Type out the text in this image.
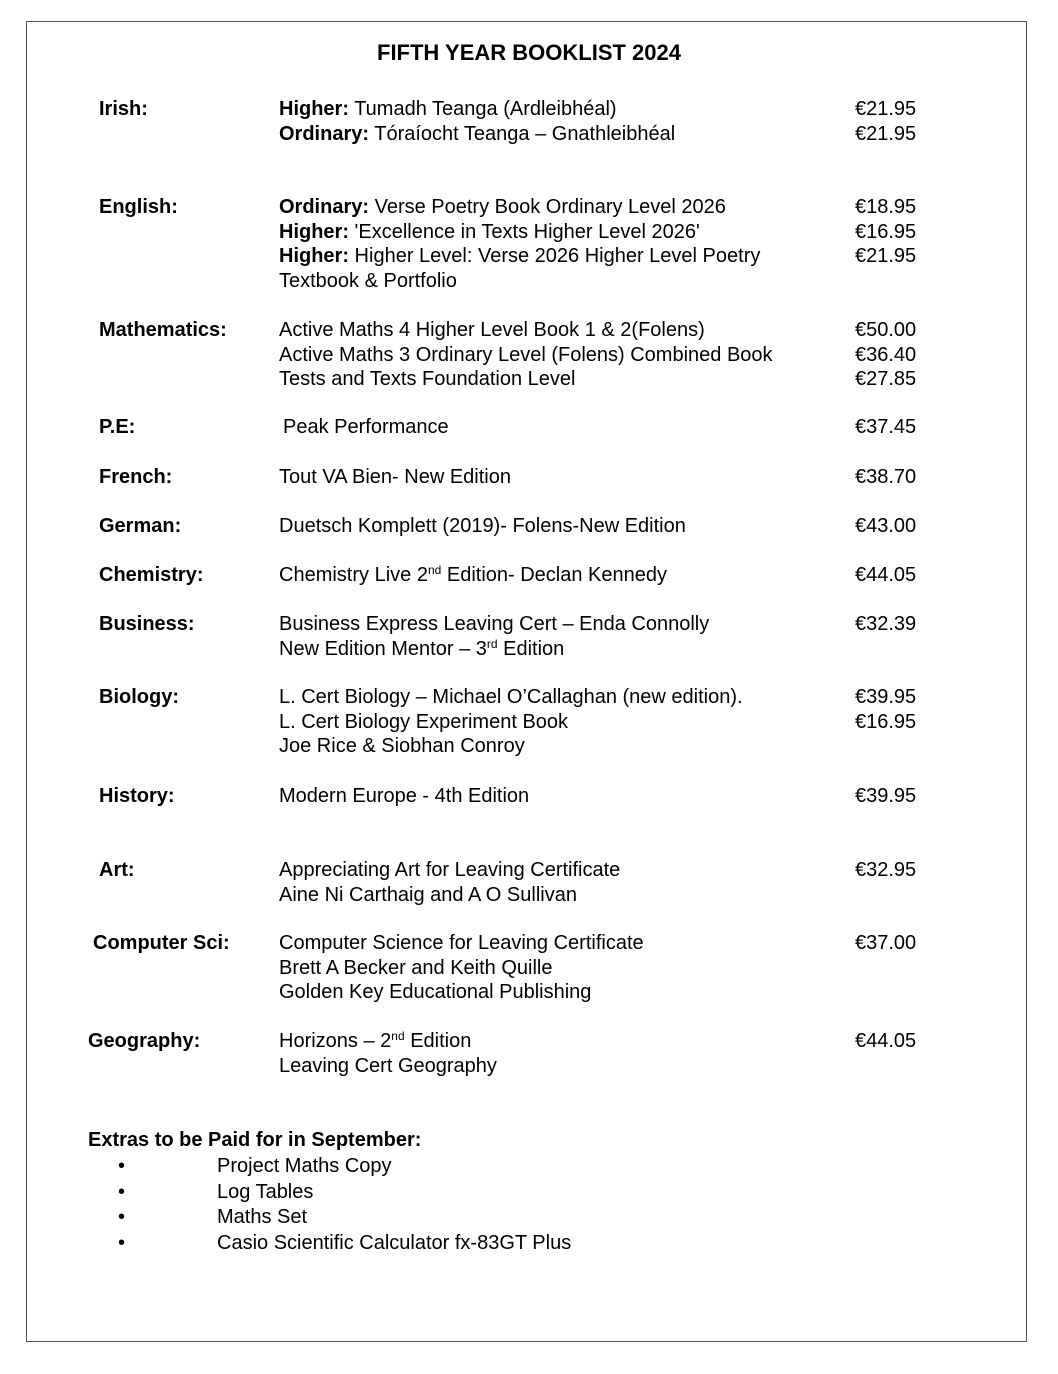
FIFTH YEAR BOOKLIST 2024
Irish:	Higher: Tumadh Teanga (Ardleibhéal)	€21.95
Ordinary: Tóraíocht Teanga – Gnathleibhéal	€21.95
English:	Ordinary: Verse Poetry Book Ordinary Level 2026	€18.95
Higher: 'Excellence in Texts Higher Level 2026'	€16.95
Higher: Higher Level: Verse 2026 Higher Level Poetry	€21.95
Textbook & Portfolio
Mathematics:	Active Maths 4 Higher Level Book 1 & 2(Folens)	€50.00
Active Maths 3 Ordinary Level (Folens) Combined Book	€36.40
Tests and Texts Foundation Level	€27.85
P.E:	Peak Performance	€37.45
French:	Tout VA Bien- New Edition	€38.70
German:	Duetsch Komplett (2019)- Folens-New Edition	€43.00
Chemistry:	Chemistry Live 2nd Edition- Declan Kennedy	€44.05
Business:	Business Express Leaving Cert – Enda Connolly	€32.39
New Edition Mentor – 3rd Edition
Biology:	L. Cert Biology – Michael O’Callaghan (new edition).	€39.95
L. Cert Biology Experiment Book	€16.95
Joe Rice & Siobhan Conroy
History:	Modern Europe - 4th Edition	€39.95
Art:	Appreciating Art for Leaving Certificate	€32.95
Aine Ni Carthaig and A O Sullivan
Computer Sci: Computer Science for Leaving Certificate	€37.00
Brett A Becker and Keith Quille
Golden Key Educational Publishing
Geography:	Horizons – 2nd Edition	€44.05
Leaving Cert Geography
Extras to be Paid for in September:
•	Project Maths Copy
•	Log Tables
•	Maths Set
•	Casio Scientific Calculator fx-83GT Plus
